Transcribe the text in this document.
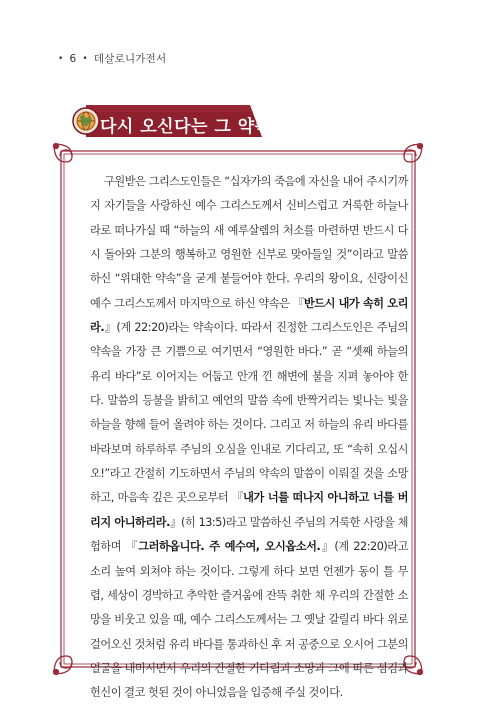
• 6 • 데살로니가전서
다시 오신다는 그 약속

구원받은 그리스도인들은 “십자가의 죽음에 자신을 내어 주시기까지 자기들을 사랑하신 예수 그리스도께서 신비스럽고 거룩한 하늘나라로 떠나가실 때 “하늘의 새 예루살렘의 처소를 마련하면 반드시 다시 돌아와 그분의 행복하고 영원한 신부로 맞아들일 것”이라고 말씀하신 “위대한 약속”을 굳게 붙들어야 한다. 우리의 왕이요, 신랑이신 예수 그리스도께서 마지막으로 하신 약속은 『반드시 내가 속히 오리라.』(계 22:20)라는 약속이다. 따라서 진정한 그리스도인은 주님의 약속을 가장 큰 기쁨으로 여기면서 “영원한 바다.” 곧 “셋째 하늘의 유리 바다”로 이어지는 어둡고 안개 낀 해변에 불을 지펴 놓아야 한다. 말씀의 등불을 밝히고 예언의 말씀 속에 반짝거리는 빛나는 빛을 하늘을 향해 들어 올려야 하는 것이다. 그리고 저 하늘의 유리 바다를 바라보며 하루하루 주님의 오심을 인내로 기다리고, 또 “속히 오십시오!”라고 간절히 기도하면서 주님의 약속의 말씀이 이뤄질 것을 소망하고, 마음속 깊은 곳으로부터 『내가 너를 떠나지 아니하고 너를 버리지 아니하리라.』(히 13:5)라고 말씀하신 주님의 거룩한 사랑을 체험하며 『그러하옵니다. 주 예수여, 오시옵소서.』(계 22:20)라고 소리 높여 외쳐야 하는 것이다. 그렇게 하다 보면 언젠가 동이 틀 무렵, 세상이 경박하고 추악한 즐거움에 잔뜩 취한 채 우리의 간절한 소망을 비웃고 있을 때, 예수 그리스도께서는 그 옛날 갈릴리 바다 위로 걸어오신 것처럼 유리 바다를 통과하신 후 저 공중으로 오시어 그분의 얼굴을 내미시면서 우리의 간절한 기다림과 소망과 그에 따른 섬김과 헌신이 결코 헛된 것이 아니었음을 입증해 주실 것이다.
